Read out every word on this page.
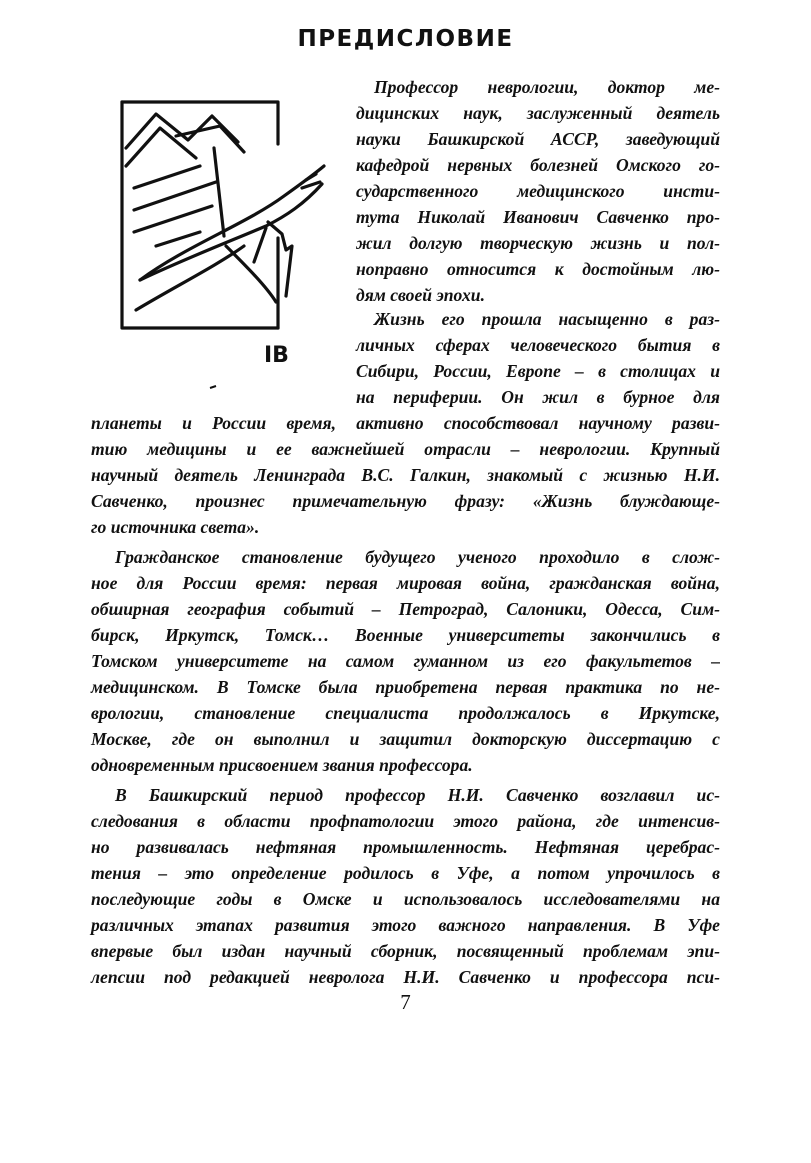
ПРЕДИСЛОВИЕ
ІВ
Профессор неврологии, доктор ме-
дицинских наук, заслуженный деятель
науки Башкирской АССР, заведующий
кафедрой нервных болезней Омского го-
сударственного медицинского инсти-
тута Николай Иванович Савченко про-
жил долгую творческую жизнь и пол-
ноправно относится к достойным лю-
дям своей эпохи.
Жизнь его прошла насыщенно в раз-
личных сферах человеческого бытия в
Сибири, России, Европе – в столицах и
на периферии. Он жил в бурное для
планеты и России время, активно способствовал научному разви-
тию медицины и ее важнейшей отрасли – неврологии. Крупный
научный деятель Ленинграда В.С. Галкин, знакомый с жизнью Н.И.
Савченко, произнес примечательную фразу: «Жизнь блуждающе-
го источника света».
Гражданское становление будущего ученого проходило в слож-
ное для России время: первая мировая война, гражданская война,
обширная география событий – Петроград, Салоники, Одесса, Сим-
бирск, Иркутск, Томск… Военные университеты закончились в
Томском университете на самом гуманном из его факультетов –
медицинском. В Томске была приобретена первая практика по не-
врологии, становление специалиста продолжалось в Иркутске,
Москве, где он выполнил и защитил докторскую диссертацию с
одновременным присвоением звания профессора.
В Башкирский период профессор Н.И. Савченко возглавил ис-
следования в области профпатологии этого района, где интенсив-
но развивалась нефтяная промышленность. Нефтяная церебрас-
тения – это определение родилось в Уфе, а потом упрочилось в
последующие годы в Омске и использовалось исследователями на
различных этапах развития этого важного направления. В Уфе
впервые был издан научный сборник, посвященный проблемам эпи-
лепсии под редакцией невролога Н.И. Савченко и профессора пси-
7
